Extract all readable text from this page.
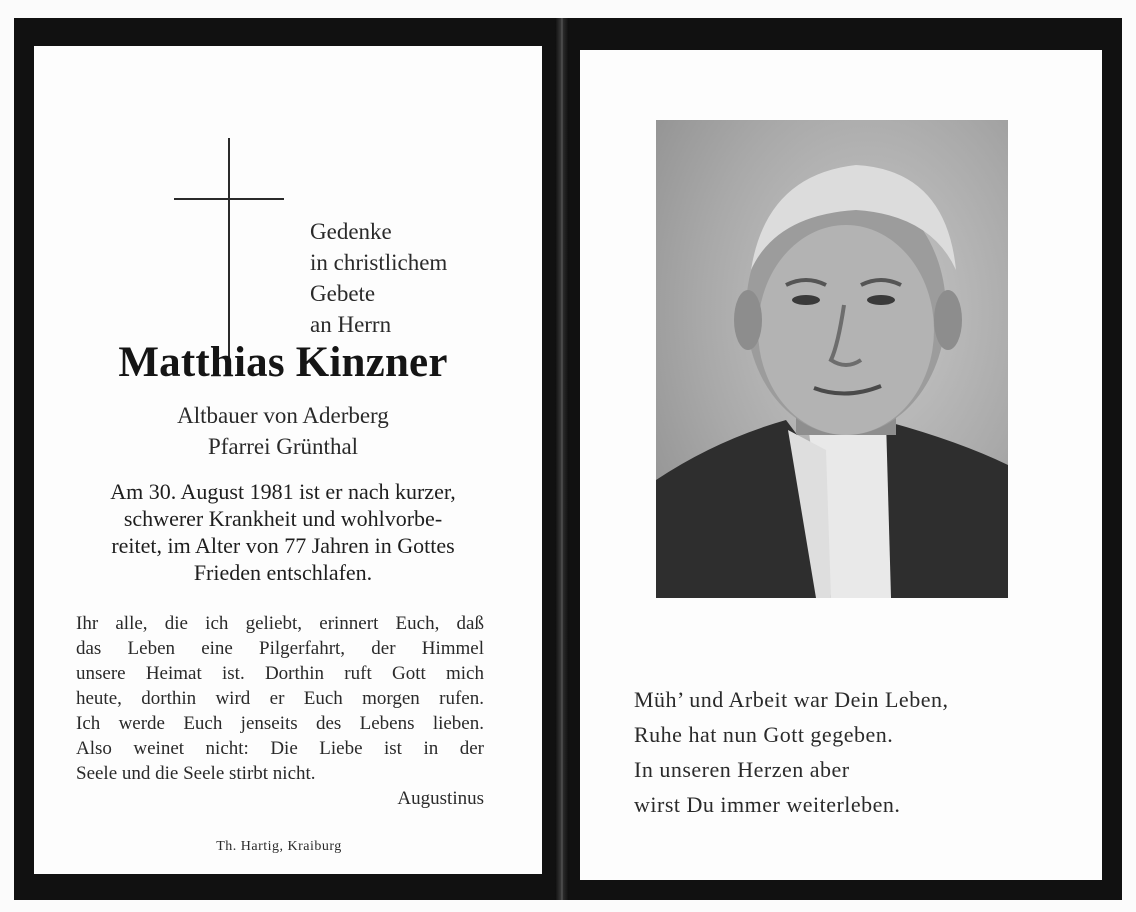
Gedenke
in christlichem
Gebete
an Herrn
Matthias Kinzner
Altbauer von Aderberg
Pfarrei Grünthal
Am 30. August 1981 ist er nach kurzer,
schwerer Krankheit und wohlvorbe-
reitet, im Alter von 77 Jahren in Gottes
Frieden entschlafen.
Ihr alle, die ich geliebt, erinnert Euch, daß
das Leben eine Pilgerfahrt, der Himmel
unsere Heimat ist. Dorthin ruft Gott mich
heute, dorthin wird er Euch morgen rufen.
Ich werde Euch jenseits des Lebens lieben.
Also weinet nicht: Die Liebe ist in der
Seele und die Seele stirbt nicht.
Augustinus
Th. Hartig, Kraiburg
Müh’ und Arbeit war Dein Leben,
Ruhe hat nun Gott gegeben.
In unseren Herzen aber
wirst Du immer weiterleben.
